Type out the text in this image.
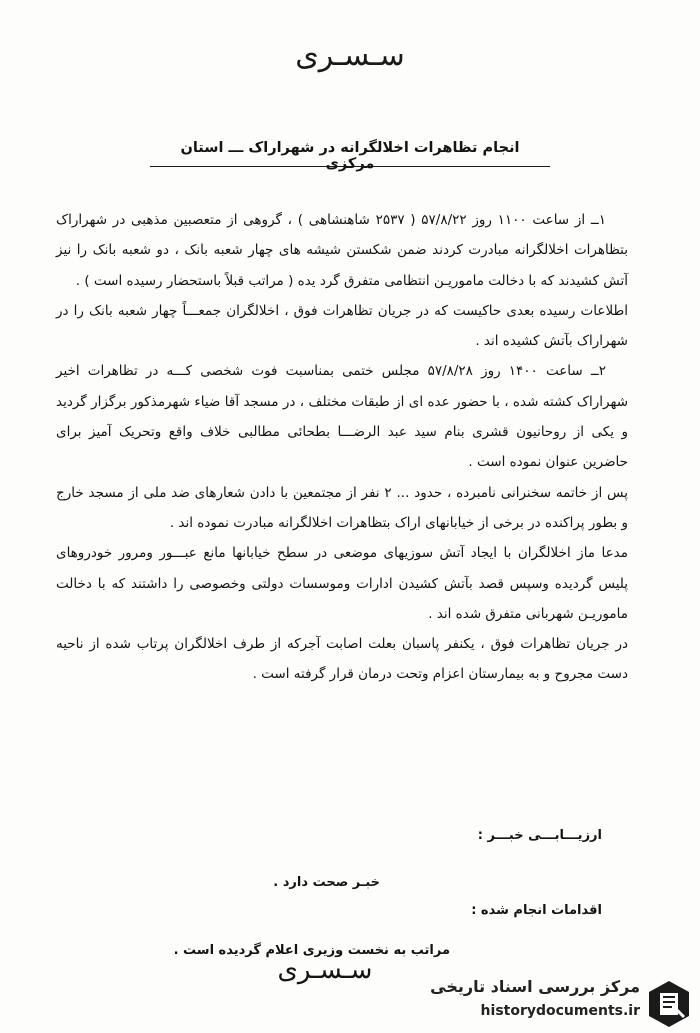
سـسـری
انجام تظاهرات اخلالگرانه در شهراراک ـــ استان مرکزی

۱ــ از ساعت ۱۱۰۰ روز ۵۷/۸/۲۲ ( ۲۵۳۷ شاهنشاهی ) ، گروهی از متعصبین مذهبی در شهراراک بتظاهرات اخلالگرانه مبادرت کردند ضمن شکستن شیشه های چهار شعبه بانک ، دو شعبه بانک را نیز آتش کشیدند که با دخالت ماموریـن انتظامی متفرق گرد یده ( مراتب قبلاً باستحضار رسیده است ) .

اطلاعات رسیده بعدی حاکیست که در جریان تظاهرات فوق ، اخلالگران جمعـــاً چهار شعبه بانک را در شهراراک بآتش کشیده اند .

۲ــ ساعت ۱۴۰۰ روز ۵۷/۸/۲۸ مجلس ختمی بمناسبت فوت شخصی کـــه در تظاهرات اخیر شهراراک کشته شده ، با حضور عده ای از طبقات مختلف ، در مسجد آقا ضیاء شهرمذکور برگزار گردید و یکی از روحانیون قشری بنام سید عبد الرضـــا بطحائی مطالبی خلاف واقع وتحریک آمیز برای حاضرین عنوان نموده است .

پس از خاتمه سخنرانی نامبرده ، حدود ... ۲ نفر از مجتمعین با دادن شعارهای ضد ملی از مسجد خارج و بطور پراکنده در برخی از خیابانهای اراک بتظاهرات اخلالگرانه مبادرت نموده اند .

مدعا ماز اخلالگران با ایجاد آتش سوزیهای موضعی در سطح خیابانها مانع عبـــور ومرور خودروهای پلیس گردیده وسپس قصد بآتش کشیدن ادارات وموسسات دولتی وخصوصی را داشتند که با دخالت ماموریـن شهربانی متفرق شده اند .

در جریان تظاهرات فوق ، یکنفر پاسبان بعلت اصابت آجرکه از طرف اخلالگران پرتاب شده از ناحیه دست مجروح و به بیمارستان اعزام وتحت درمان قرار گرفته است .

ارزیـــابـــی خبـــر :
خبـر صحت دارد .
اقدامات انجام شده :
مراتب به نخست وزیری اعلام گردیده است .
سـسـری
مرکز بررسی اسناد تاریخی
historydocuments.ir
